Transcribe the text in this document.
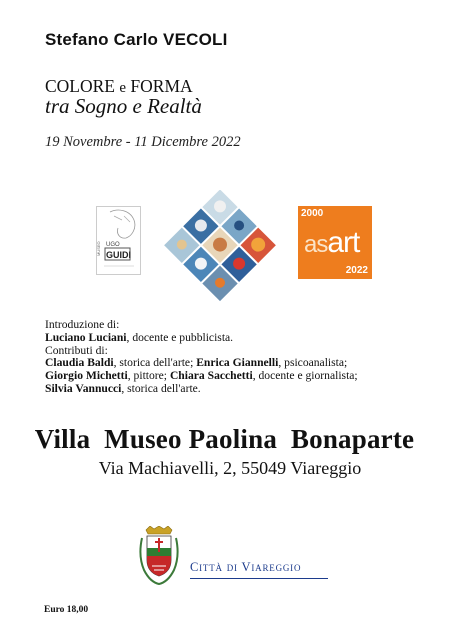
Stefano Carlo VECOLI
COLORE e FORMA
tra Sogno e Realtà
19 Novembre - 11 Dicembre 2022
MUSEO UGO
GUIDI
2000
asart
2022
Introduzione di:
Luciano Luciani, docente e pubblicista.
Contributi di:
Claudia Baldi, storica dell'arte; Enrica Giannelli, psicoanalista;
Giorgio Michetti, pittore; Chiara Sacchetti, docente e giornalista;
Silvia Vannucci, storica dell'arte.
Villa  Museo Paolina  Bonaparte
Via Machiavelli, 2, 55049 Viareggio
Città di Viareggio
Euro 18,00
